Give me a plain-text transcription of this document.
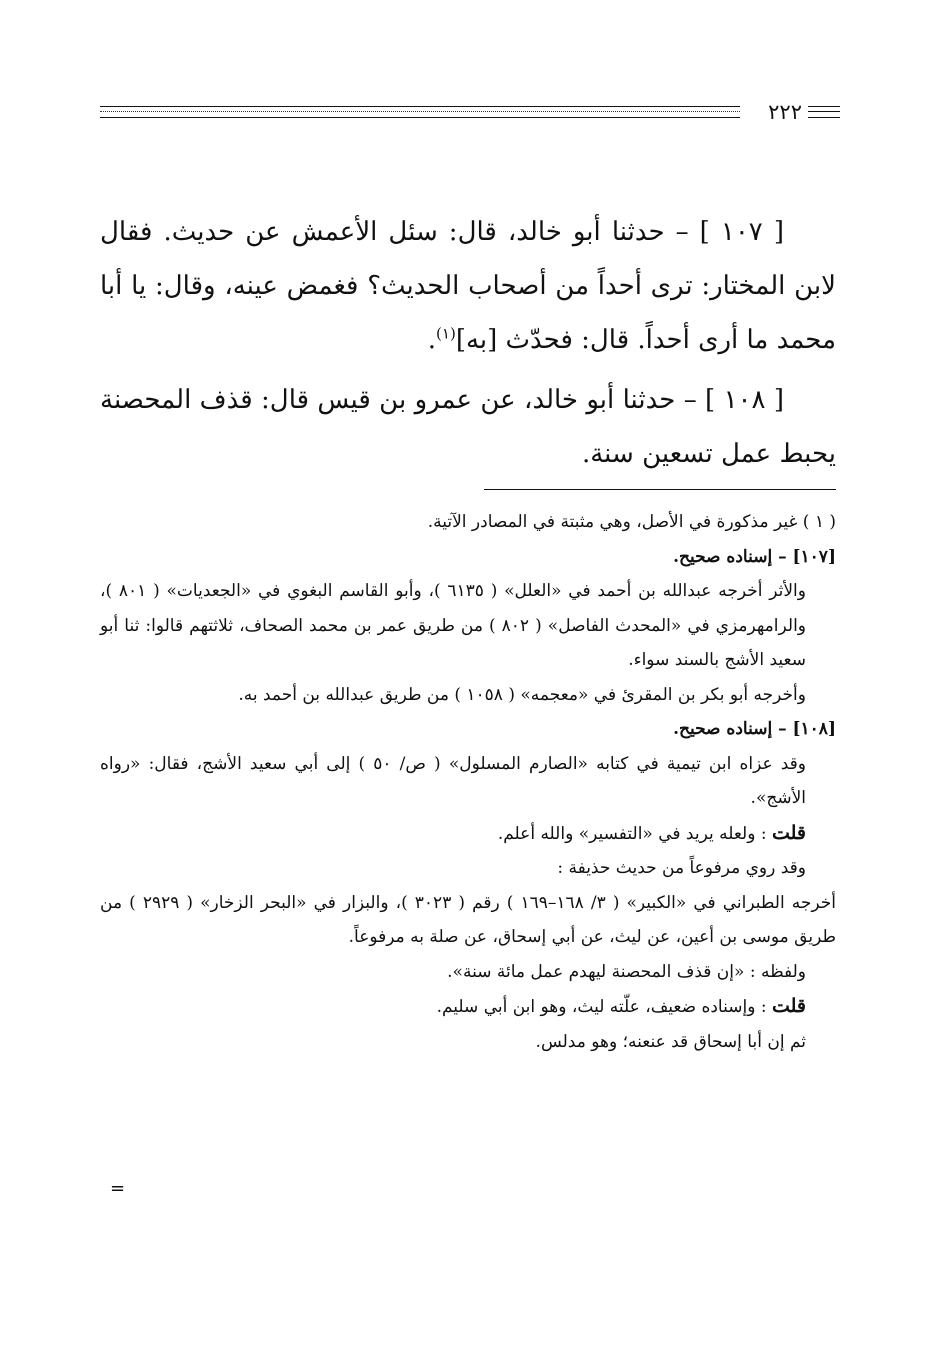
٢٢٢

[ ١٠٧ ] – حدثنا أبو خالد، قال: سئل الأعمش عن حديث. فقال لابن المختار: ترى أحداً من أصحاب الحديث؟ فغمض عينه، وقال: يا أبا محمد ما أرى أحداً. قال: فحدّث [به]$^{(١)}$.

[ ١٠٨ ] – حدثنا أبو خالد، عن عمرو بن قيس قال: قذف المحصنة يحبط عمل تسعين سنة.

( ١ ) غير مذكورة في الأصل، وهي مثبتة في المصادر الآتية.

[١٠٧] – إسناده صحيح.

والأثر أخرجه عبدالله بن أحمد في «العلل» ( ٦١٣٥ )، وأبو القاسم البغوي في «الجعديات» ( ٨٠١ )، والرامهرمزي في «المحدث الفاصل» ( ٨٠٢ ) من طريق عمر بن محمد الصحاف، ثلاثتهم قالوا: ثنا أبو سعيد الأشج بالسند سواء.

وأخرجه أبو بكر بن المقرئ في «معجمه» ( ١٠٥٨ ) من طريق عبدالله بن أحمد به.

[١٠٨] – إسناده صحيح.

وقد عزاه ابن تيمية في كتابه «الصارم المسلول» ( ص/ ٥٠ ) إلى أبي سعيد الأشج، فقال: «رواه الأشج».

قلت : ولعله يريد في «التفسير» والله أعلم.

وقد روي مرفوعاً من حديث حذيفة :

أخرجه الطبراني في «الكبير» ( ٣/ ١٦٨–١٦٩ ) رقم ( ٣٠٢٣ )، والبزار في «البحر الزخار» ( ٢٩٢٩ ) من طريق موسى بن أعين، عن ليث، عن أبي إسحاق، عن صلة به مرفوعاً.

ولفظه : «إن قذف المحصنة ليهدم عمل مائة سنة».

قلت : وإسناده ضعيف، علّته ليث، وهو ابن أبي سليم.

ثم إن أبا إسحاق قد عنعنه؛ وهو مدلس.

=
